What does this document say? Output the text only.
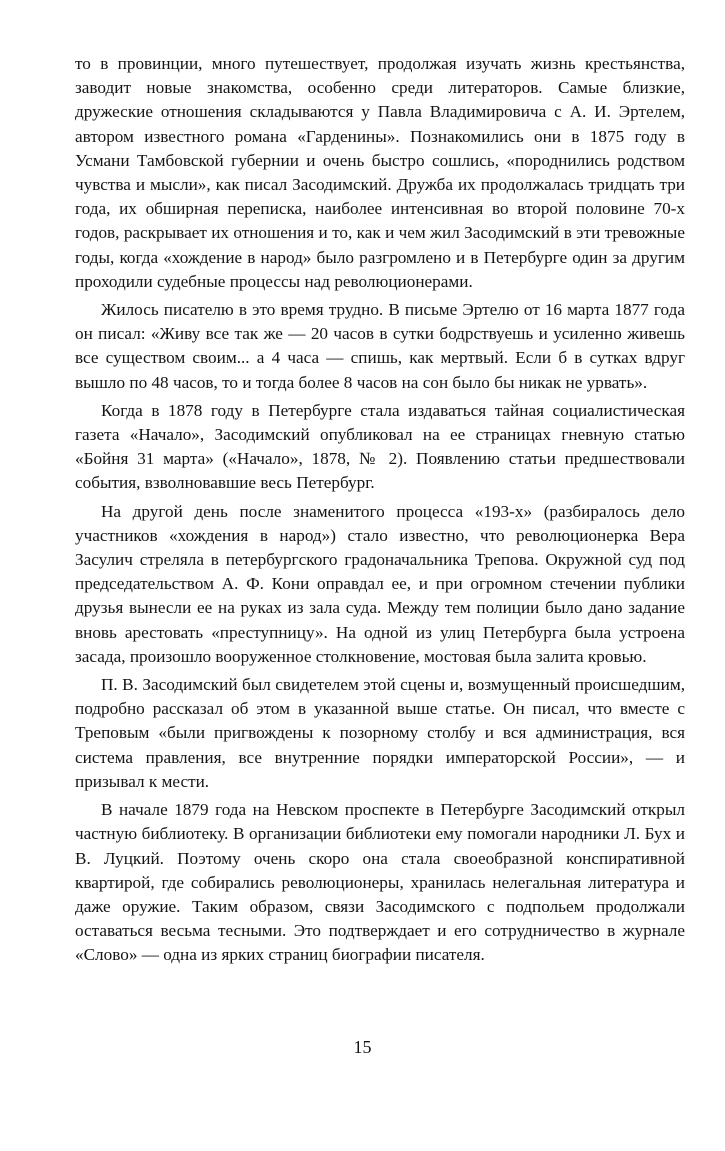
то в провинции, много путешествует, продолжая изучать жизнь крестьянства, заводит новые знакомства, особенно среди литераторов. Самые близкие, дружеские отношения складываются у Павла Владимировича с А. И. Эртелем, автором известного романа «Гарденины». Познакомились они в 1875 году в Усмани Тамбовской губернии и очень быстро сошлись, «породнились родством чувства и мысли», как писал Засодимский. Дружба их продолжалась тридцать три года, их обширная переписка, наиболее интенсивная во второй половине 70-х годов, раскрывает их отношения и то, как и чем жил Засодимский в эти тревожные годы, когда «хождение в народ» было разгромлено и в Петербурге один за другим проходили судебные процессы над революционерами.

Жилось писателю в это время трудно. В письме Эртелю от 16 марта 1877 года он писал: «Живу все так же — 20 часов в сутки бодрствуешь и усиленно живешь все существом своим... а 4 часа — спишь, как мертвый. Если б в сутках вдруг вышло по 48 часов, то и тогда более 8 часов на сон было бы никак не урвать».

Когда в 1878 году в Петербурге стала издаваться тайная социалистическая газета «Начало», Засодимский опубликовал на ее страницах гневную статью «Бойня 31 марта» («Начало», 1878, № 2). Появлению статьи предшествовали события, взволновавшие весь Петербург.

На другой день после знаменитого процесса «193-х» (разбиралось дело участников «хождения в народ») стало известно, что революционерка Вера Засулич стреляла в петербургского градоначальника Трепова. Окружной суд под председательством А. Ф. Кони оправдал ее, и при огромном стечении публики друзья вынесли ее на руках из зала суда. Между тем полиции было дано задание вновь арестовать «преступницу». На одной из улиц Петербурга была устроена засада, произошло вооруженное столкновение, мостовая была залита кровью.

П. В. Засодимский был свидетелем этой сцены и, возмущенный происшедшим, подробно рассказал об этом в указанной выше статье. Он писал, что вместе с Треповым «были пригвождены к позорному столбу и вся администрация, вся система правления, все внутренние порядки императорской России», — и призывал к мести.

В начале 1879 года на Невском проспекте в Петербурге Засодимский открыл частную библиотеку. В организации библиотеки ему помогали народники Л. Бух и В. Луцкий. Поэтому очень скоро она стала своеобразной конспиративной квартирой, где собирались революционеры, хранилась нелегальная литература и даже оружие. Таким образом, связи Засодимского с подпольем продолжали оставаться весьма тесными. Это подтверждает и его сотрудничество в журнале «Слово» — одна из ярких страниц биографии писателя.

15
